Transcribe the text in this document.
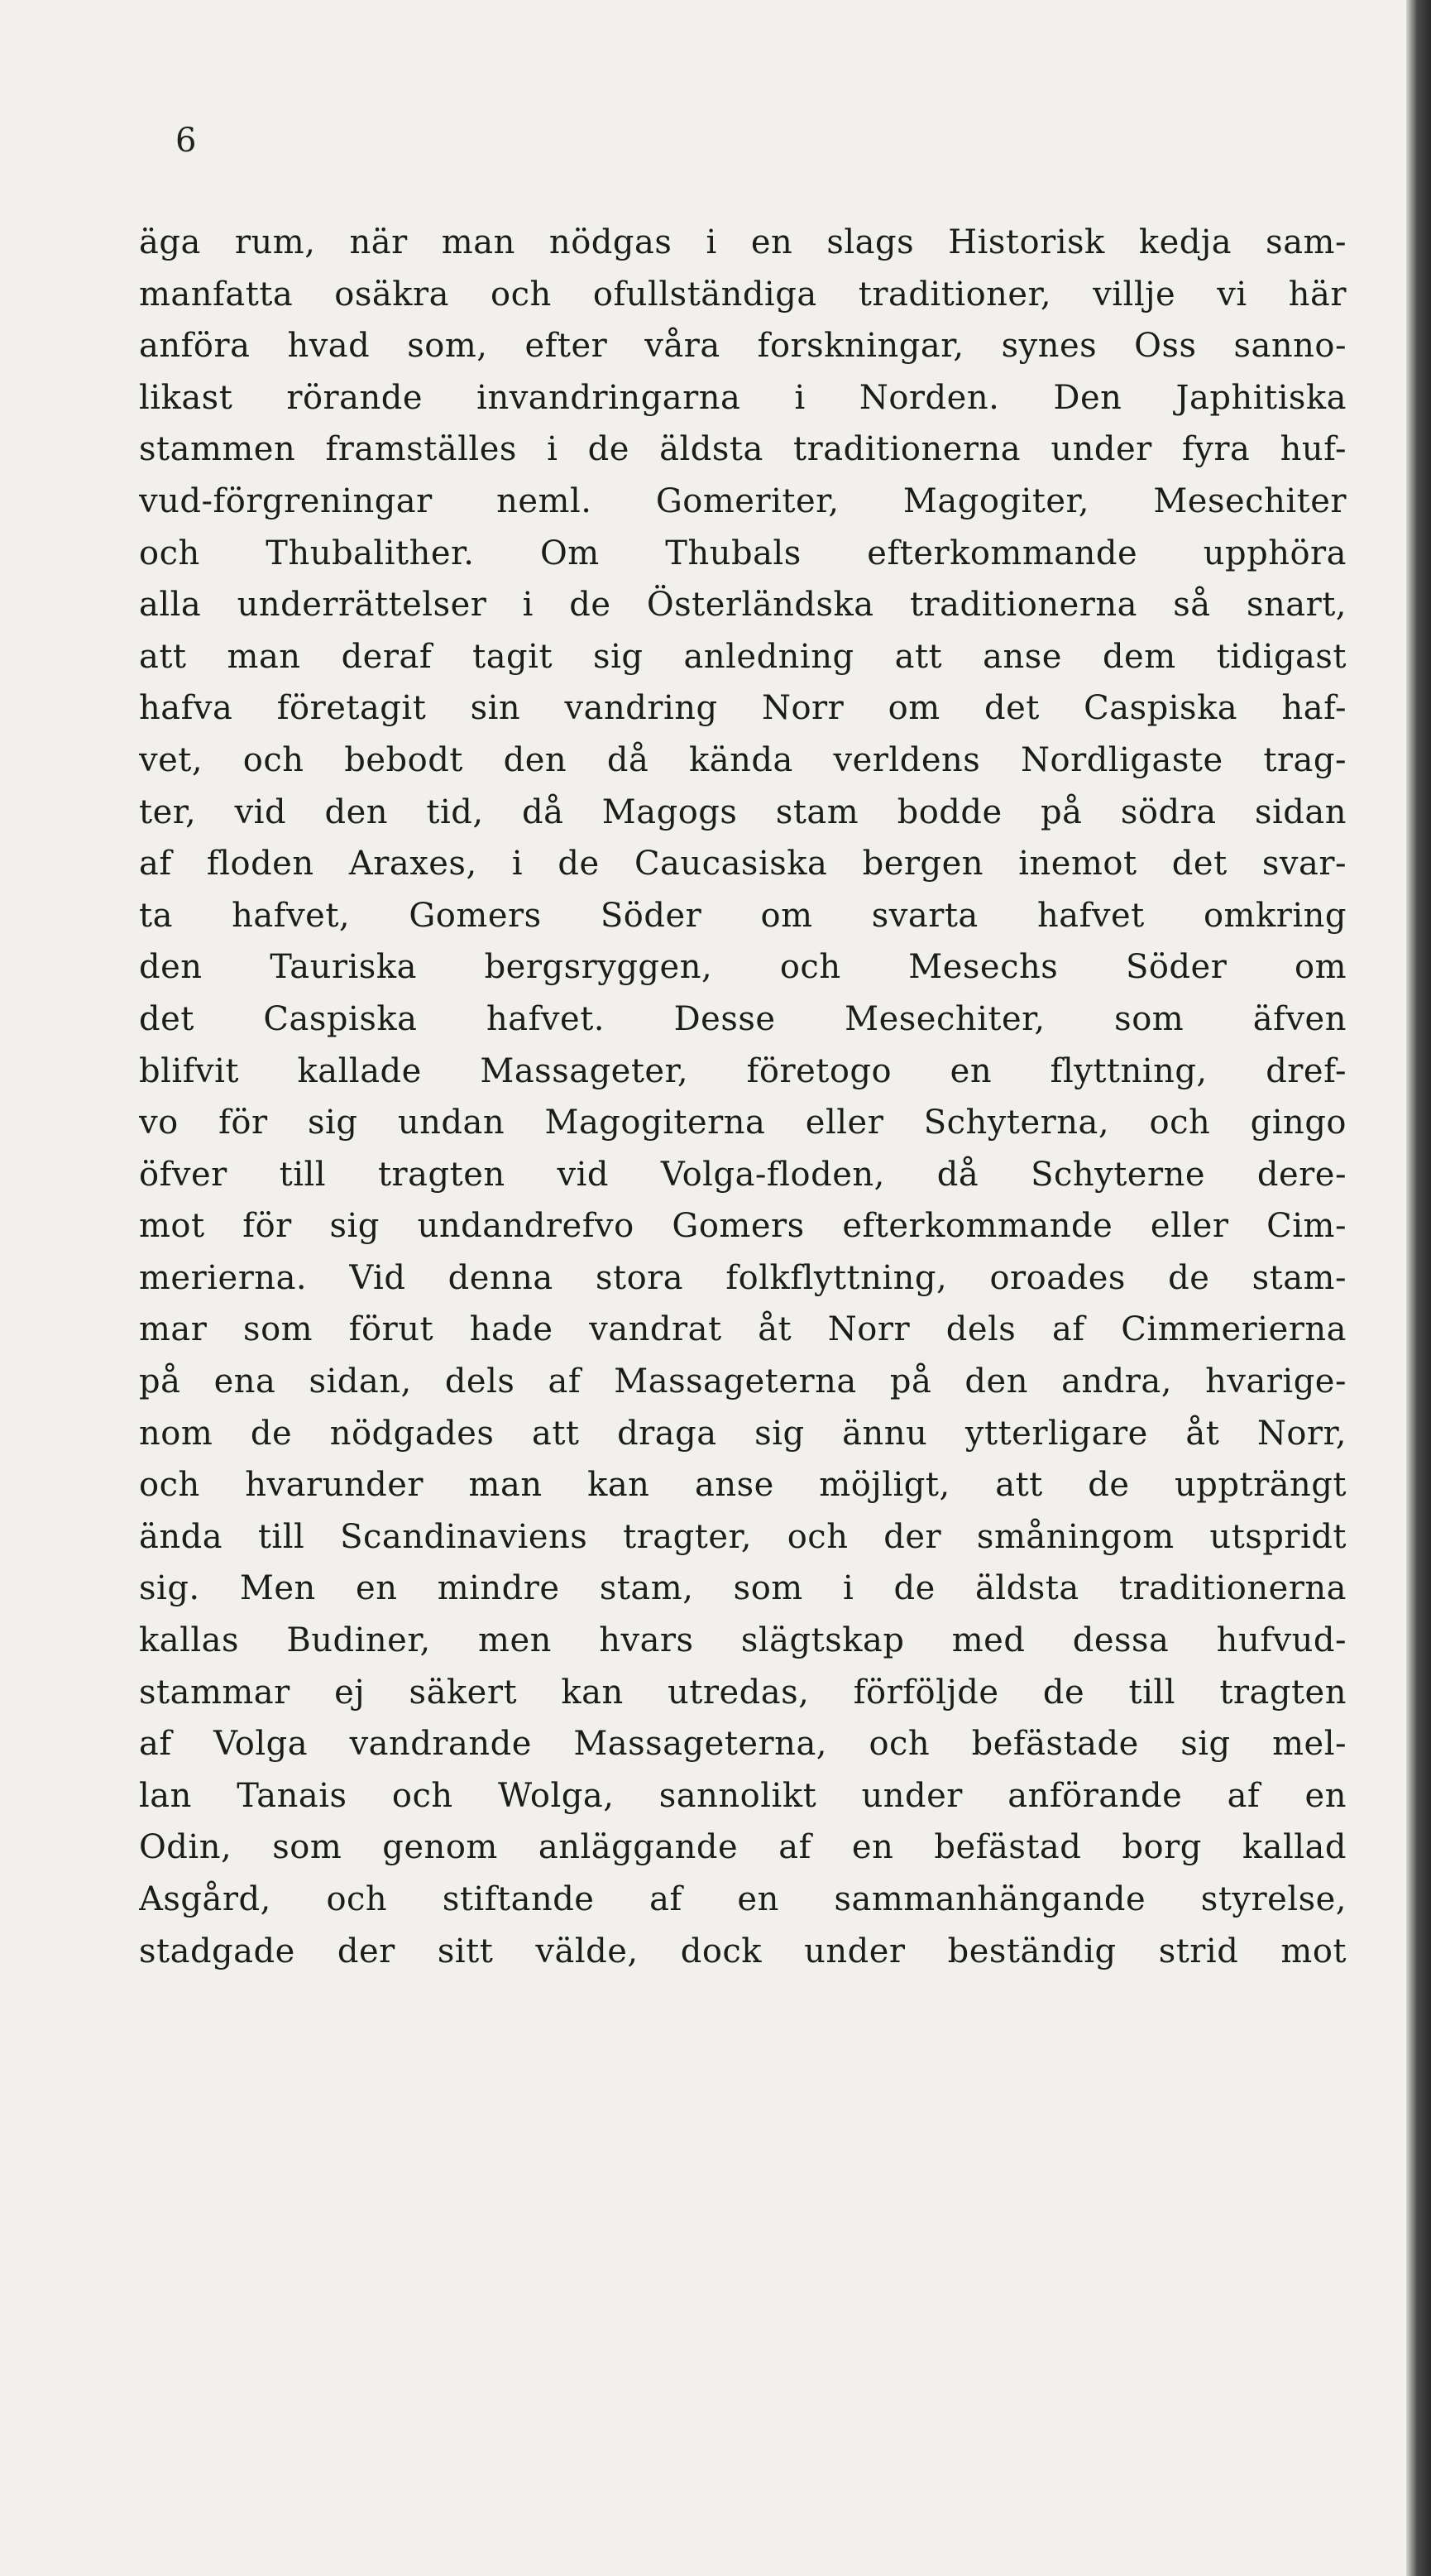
6
äga rum, när man nödgas i en slags Historisk kedja sam-
manfatta osäkra och ofullständiga traditioner, villje vi här
anföra hvad som, efter våra forskningar, synes Oss sanno-
likast rörande invandringarna i Norden. Den Japhitiska
stammen framställes i de äldsta traditionerna under fyra huf-
vud-förgreningar neml. Gomeriter, Magogiter, Mesechiter
och Thubalither. Om Thubals efterkommande upphöra
alla underrättelser i de Österländska traditionerna så snart,
att man deraf tagit sig anledning att anse dem tidigast
hafva företagit sin vandring Norr om det Caspiska haf-
vet, och bebodt den då kända verldens Nordligaste trag-
ter, vid den tid, då Magogs stam bodde på södra sidan
af floden Araxes, i de Caucasiska bergen inemot det svar-
ta hafvet, Gomers Söder om svarta hafvet omkring
den Tauriska bergsryggen, och Mesechs Söder om
det Caspiska hafvet. Desse Mesechiter, som äfven
blifvit kallade Massageter, företogo en flyttning, dref-
vo för sig undan Magogiterna eller Schyterna, och gingo
öfver till tragten vid Volga-floden, då Schyterne dere-
mot för sig undandrefvo Gomers efterkommande eller Cim-
merierna. Vid denna stora folkflyttning, oroades de stam-
mar som förut hade vandrat åt Norr dels af Cimmerierna
på ena sidan, dels af Massageterna på den andra, hvarige-
nom de nödgades att draga sig ännu ytterligare åt Norr,
och hvarunder man kan anse möjligt, att de uppträngt
ända till Scandinaviens tragter, och der småningom utspridt
sig. Men en mindre stam, som i de äldsta traditionerna
kallas Budiner, men hvars slägtskap med dessa hufvud-
stammar ej säkert kan utredas, förföljde de till tragten
af Volga vandrande Massageterna, och befästade sig mel-
lan Tanais och Wolga, sannolikt under anförande af en
Odin, som genom anläggande af en befästad borg kallad
Asgård, och stiftande af en sammanhängande styrelse,
stadgade der sitt välde, dock under beständig strid mot
